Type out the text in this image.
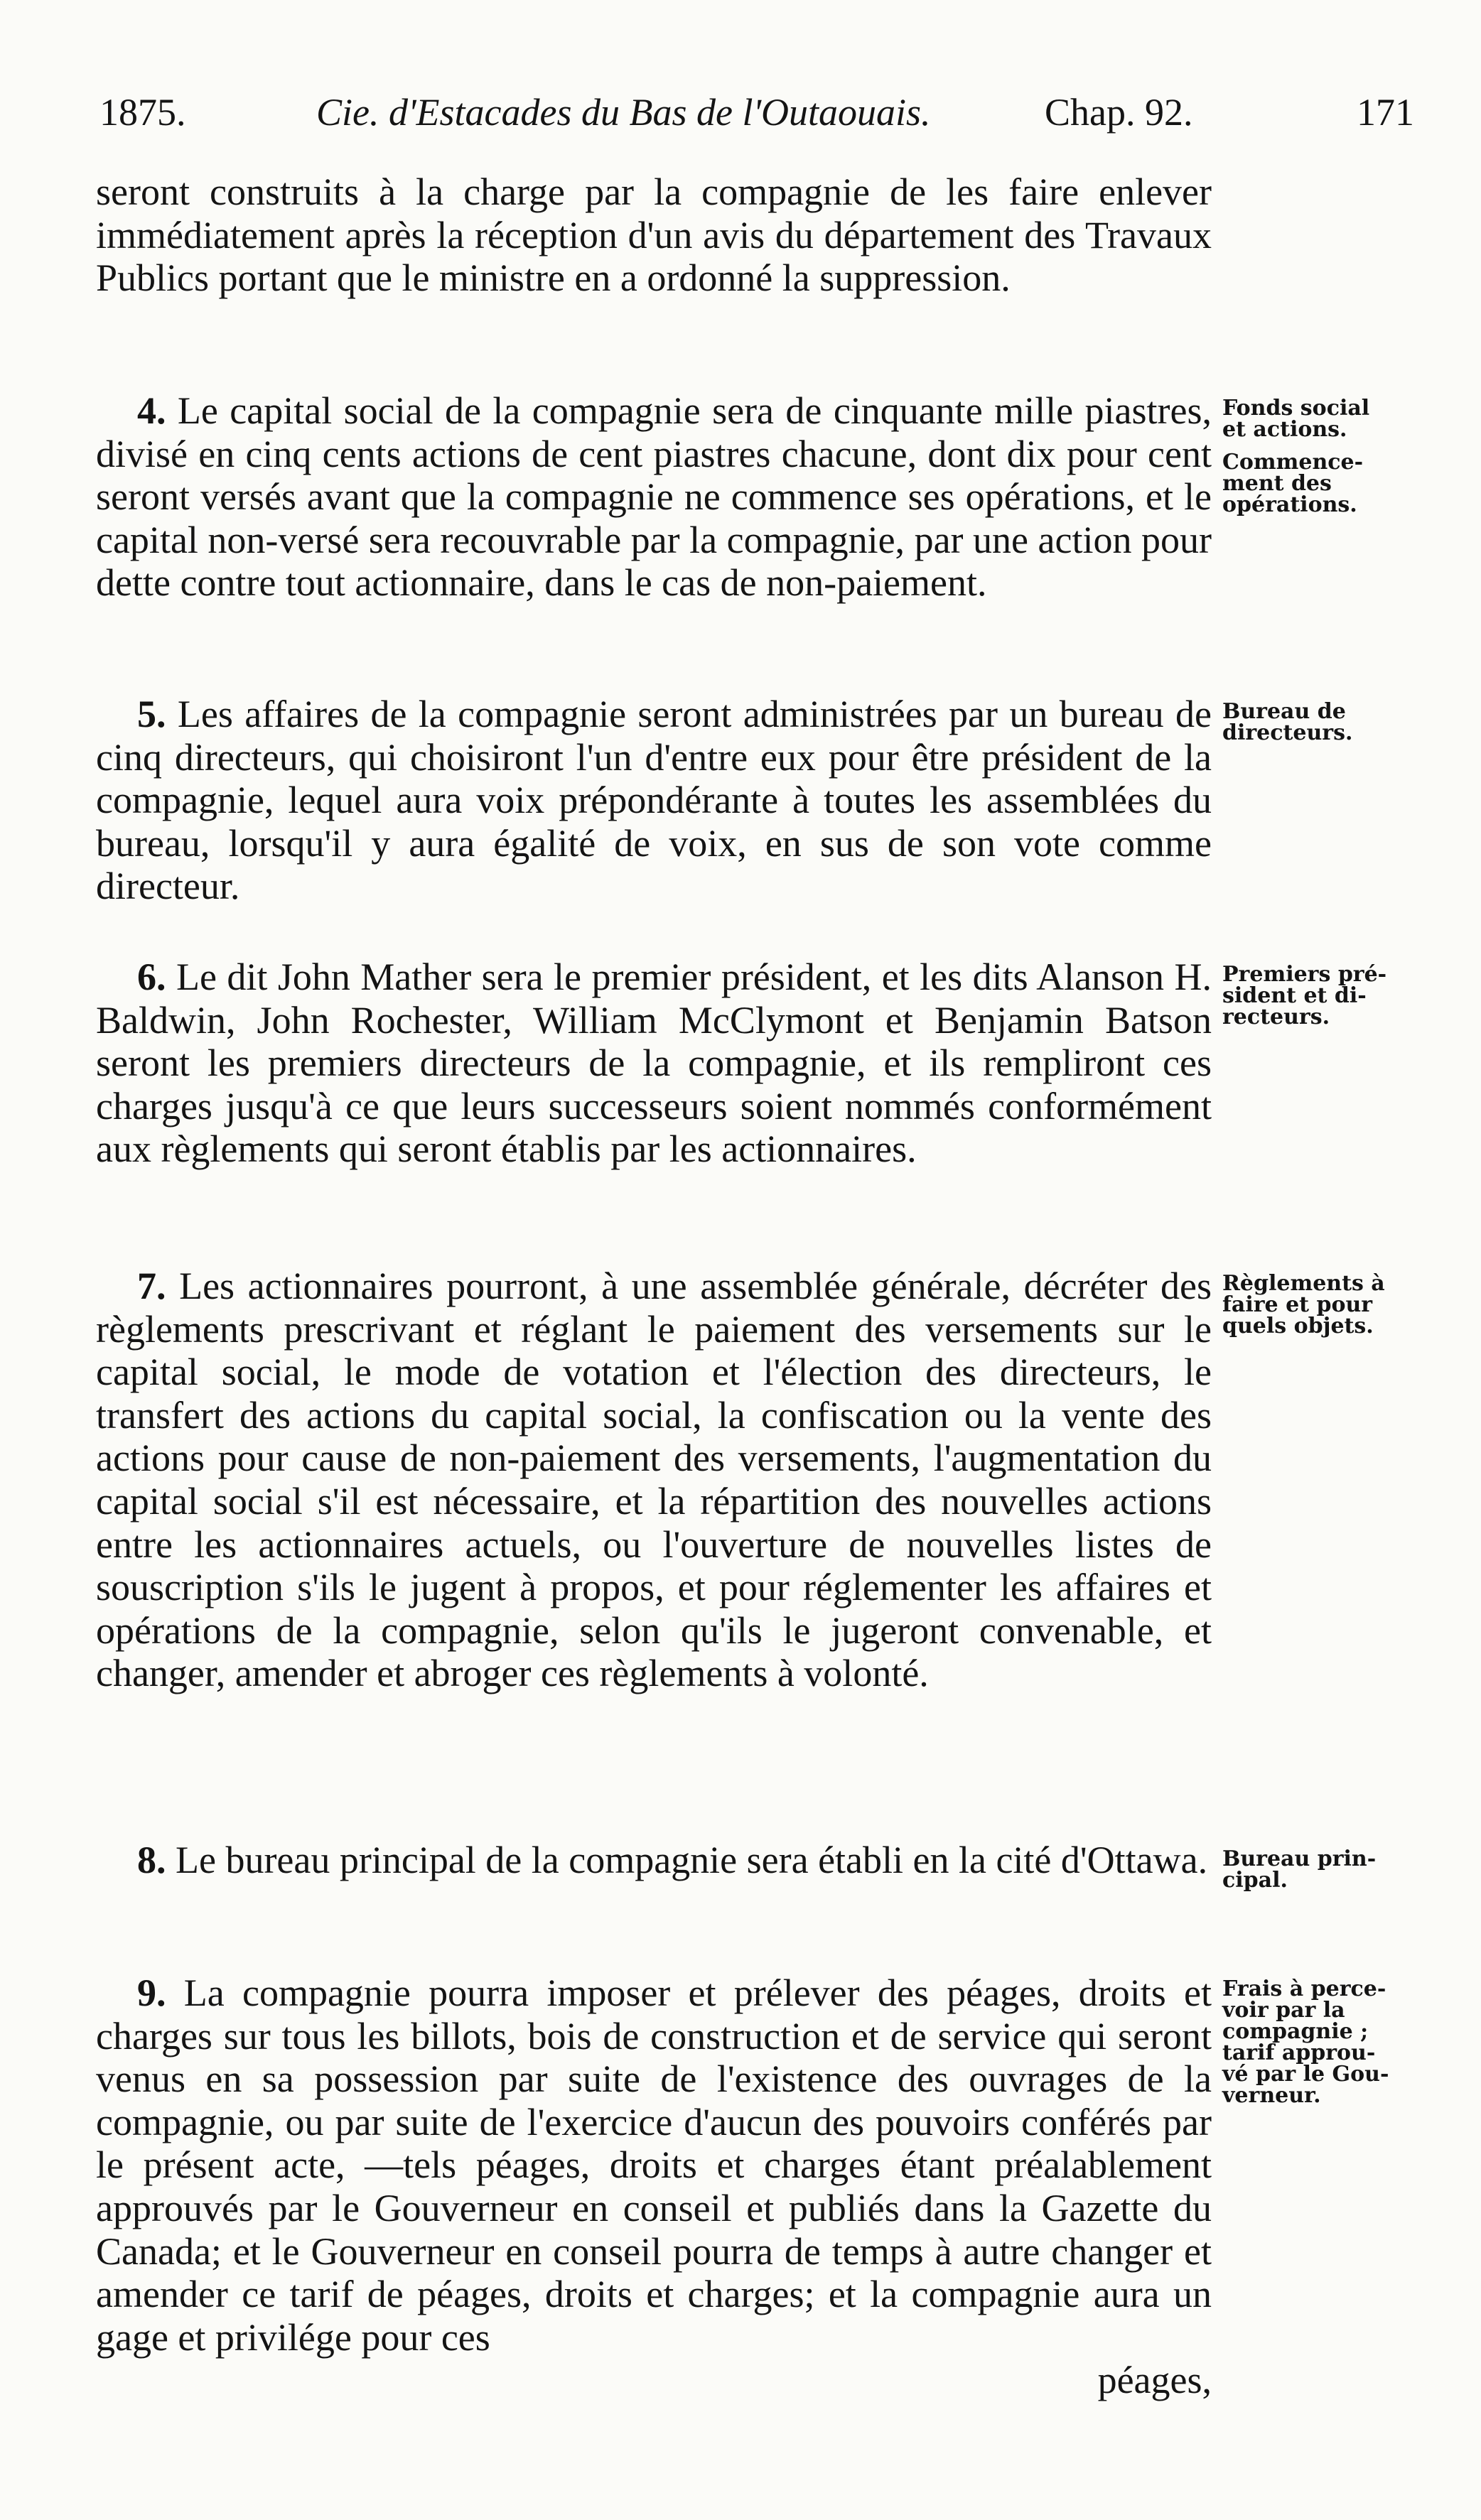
1875.	Cie. d'Estacades du Bas de l'Outaouais.	Chap. 92.	171

seront construits à la charge par la compagnie de les faire enlever immédiatement après la réception d'un avis du département des Travaux Publics portant que le ministre en a ordonné la suppression.

4. Le capital social de la compagnie sera de cinquante mille piastres, divisé en cinq cents actions de cent piastres chacune, dont dix pour cent seront versés avant que la compagnie ne commence ses opérations, et le capital non-versé sera recouvrable par la compagnie, par une action pour dette contre tout actionnaire, dans le cas de non-paiement.

Fonds social
et actions.
Commence-
ment des
opérations.

5. Les affaires de la compagnie seront administrées par un bureau de cinq directeurs, qui choisiront l'un d'entre eux pour être président de la compagnie, lequel aura voix prépondérante à toutes les assemblées du bureau, lorsqu'il y aura égalité de voix, en sus de son vote comme directeur.

Bureau de
directeurs.

6. Le dit John Mather sera le premier président, et les dits Alanson H. Baldwin, John Rochester, William McClymont et Benjamin Batson seront les premiers directeurs de la compagnie, et ils rempliront ces charges jusqu'à ce que leurs successeurs soient nommés conformément aux règlements qui seront établis par les actionnaires.

Premiers pré-
sident et di-
recteurs.

7. Les actionnaires pourront, à une assemblée générale, décréter des règlements prescrivant et réglant le paiement des versements sur le capital social, le mode de votation et l'élection des directeurs, le transfert des actions du capital social, la confiscation ou la vente des actions pour cause de non-paiement des versements, l'augmentation du capital social s'il est nécessaire, et la répartition des nouvelles actions entre les actionnaires actuels, ou l'ouverture de nouvelles listes de souscription s'ils le jugent à propos, et pour réglementer les affaires et opérations de la compagnie, selon qu'ils le jugeront convenable, et changer, amender et abroger ces règlements à volonté.

Règlements à
faire et pour
quels objets.

8. Le bureau principal de la compagnie sera établi en la cité d'Ottawa. Bureau prin-
cipal.

9. La compagnie pourra imposer et prélever des péages, droits et charges sur tous les billots, bois de construction et de service qui seront venus en sa possession par suite de l'existence des ouvrages de la compagnie, ou par suite de l'exercice d'aucun des pouvoirs conférés par le présent acte, —tels péages, droits et charges étant préalablement approuvés par le Gouverneur en conseil et publiés dans la Gazette du Canada; et le Gouverneur en conseil pourra de temps à autre changer et amender ce tarif de péages, droits et charges; et la compagnie aura un gage et privilége pour ces

péages,

Frais à perce-
voir par la
compagnie ;
tarif approu-
vé par le Gou-
verneur.
